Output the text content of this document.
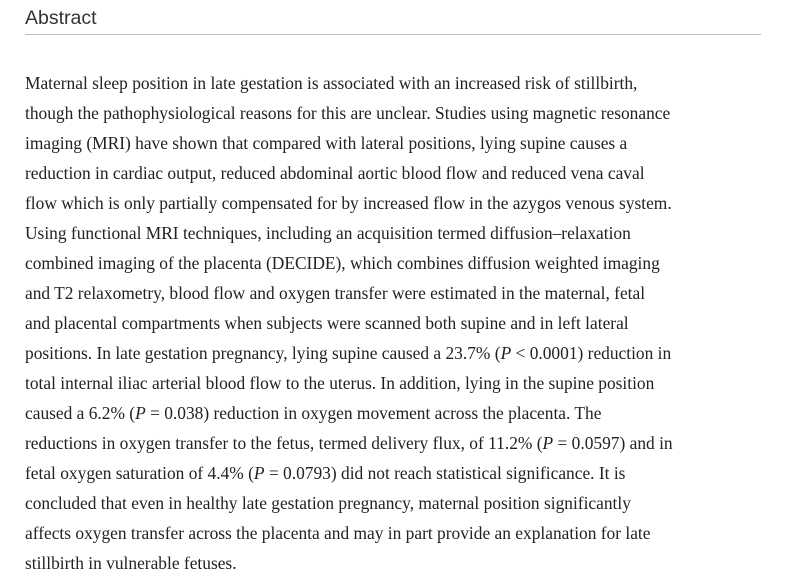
Abstract
Maternal sleep position in late gestation is associated with an increased risk of stillbirth,
though the pathophysiological reasons for this are unclear. Studies using magnetic resonance
imaging (MRI) have shown that compared with lateral positions, lying supine causes a
reduction in cardiac output, reduced abdominal aortic blood flow and reduced vena caval
flow which is only partially compensated for by increased flow in the azygos venous system.
Using functional MRI techniques, including an acquisition termed diffusion–relaxation
combined imaging of the placenta (DECIDE), which combines diffusion weighted imaging
and T2 relaxometry, blood flow and oxygen transfer were estimated in the maternal, fetal
and placental compartments when subjects were scanned both supine and in left lateral
positions. In late gestation pregnancy, lying supine caused a 23.7% (P < 0.0001) reduction in
total internal iliac arterial blood flow to the uterus. In addition, lying in the supine position
caused a 6.2% (P = 0.038) reduction in oxygen movement across the placenta. The
reductions in oxygen transfer to the fetus, termed delivery flux, of 11.2% (P = 0.0597) and in
fetal oxygen saturation of 4.4% (P = 0.0793) did not reach statistical significance. It is
concluded that even in healthy late gestation pregnancy, maternal position significantly
affects oxygen transfer across the placenta and may in part provide an explanation for late
stillbirth in vulnerable fetuses.
